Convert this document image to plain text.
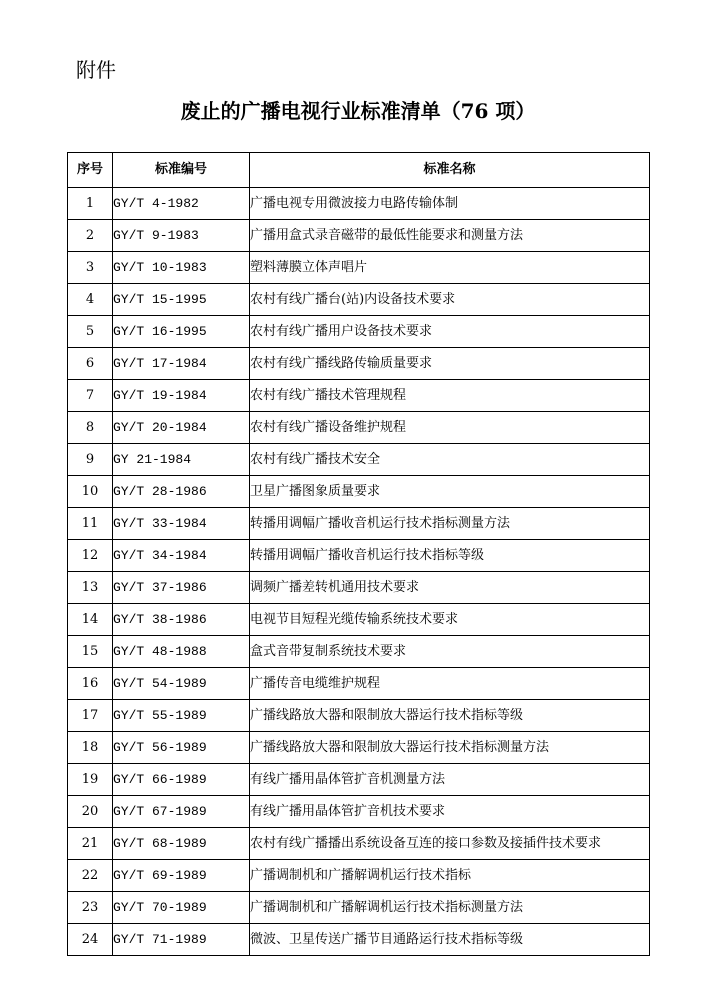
附件
废止的广播电视行业标准清单（76 项）
序号	标准编号	标准名称
1	GY/T 4-1982	广播电视专用微波接力电路传输体制
2	GY/T 9-1983	广播用盒式录音磁带的最低性能要求和测量方法
3	GY/T 10-1983	塑料薄膜立体声唱片
4	GY/T 15-1995	农村有线广播台(站)内设备技术要求
5	GY/T 16-1995	农村有线广播用户设备技术要求
6	GY/T 17-1984	农村有线广播线路传输质量要求
7	GY/T 19-1984	农村有线广播技术管理规程
8	GY/T 20-1984	农村有线广播设备维护规程
9	GY 21-1984	农村有线广播技术安全
10	GY/T 28-1986	卫星广播图象质量要求
11	GY/T 33-1984	转播用调幅广播收音机运行技术指标测量方法
12	GY/T 34-1984	转播用调幅广播收音机运行技术指标等级
13	GY/T 37-1986	调频广播差转机通用技术要求
14	GY/T 38-1986	电视节目短程光缆传输系统技术要求
15	GY/T 48-1988	盒式音带复制系统技术要求
16	GY/T 54-1989	广播传音电缆维护规程
17	GY/T 55-1989	广播线路放大器和限制放大器运行技术指标等级
18	GY/T 56-1989	广播线路放大器和限制放大器运行技术指标测量方法
19	GY/T 66-1989	有线广播用晶体管扩音机测量方法
20	GY/T 67-1989	有线广播用晶体管扩音机技术要求
21	GY/T 68-1989	农村有线广播播出系统设备互连的接口参数及接插件技术要求
22	GY/T 69-1989	广播调制机和广播解调机运行技术指标
23	GY/T 70-1989	广播调制机和广播解调机运行技术指标测量方法
24	GY/T 71-1989	微波、卫星传送广播节目通路运行技术指标等级
